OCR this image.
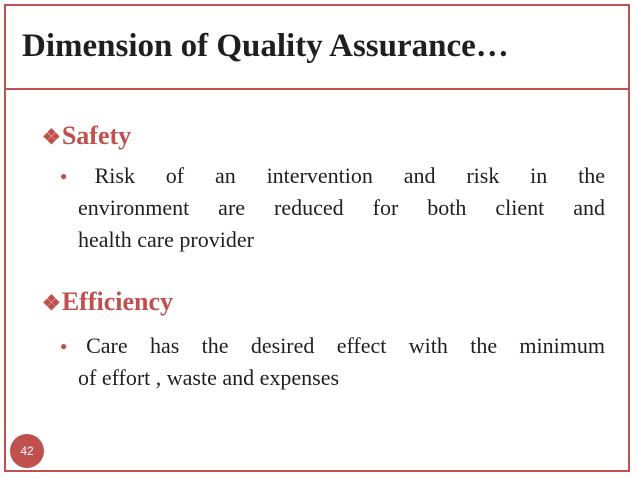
Dimension of Quality Assurance…
❖Safety

●Risk of an intervention and risk in the

environment are reduced for both client and

health care provider

❖Efficiency

●Care has the desired effect with the minimum

of effort , waste and expenses

42
